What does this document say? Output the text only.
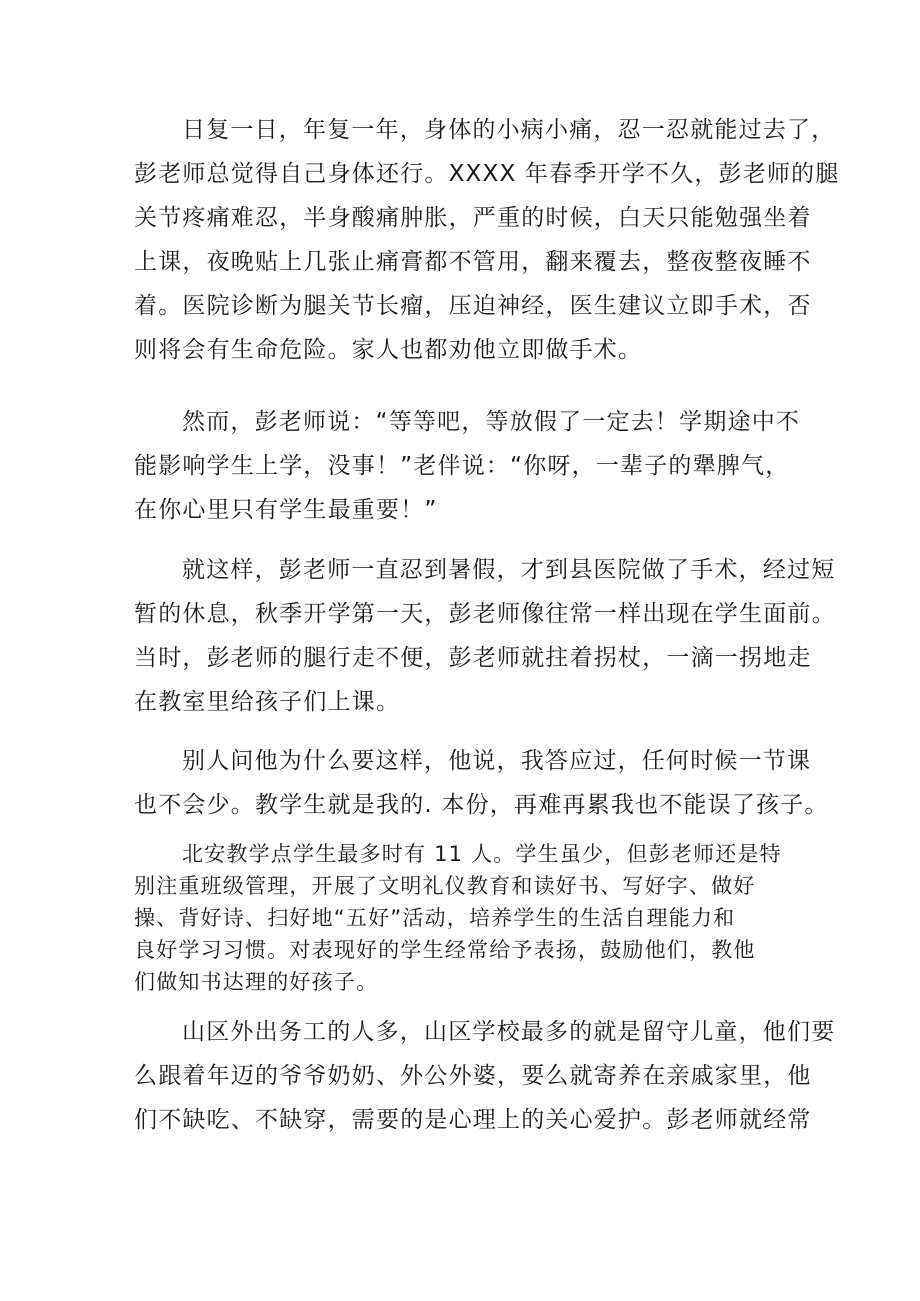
日复一日，年复一年，身体的小病小痛，忍一忍就能过去了，
彭老师总觉得自己身体还行。XXXX 年春季开学不久，彭老师的腿
关节疼痛难忍，半身酸痛肿胀，严重的时候，白天只能勉强坐着
上课，夜晚贴上几张止痛膏都不管用，翻来覆去，整夜整夜睡不
着。医院诊断为腿关节长瘤，压迫神经，医生建议立即手术，否
则将会有生命危险。家人也都劝他立即做手术。
然而，彭老师说：“等等吧，等放假了一定去！学期途中不
能影响学生上学，没事！”老伴说：“你呀，一辈子的犟脾气，
在你心里只有学生最重要！”
就这样，彭老师一直忍到暑假，才到县医院做了手术，经过短
暂的休息，秋季开学第一天，彭老师像往常一样出现在学生面前。
当时，彭老师的腿行走不便，彭老师就拄着拐杖，一滴一拐地走
在教室里给孩子们上课。
别人问他为什么要这样，他说，我答应过，任何时候一节课
也不会少。教学生就是我的. 本份，再难再累我也不能误了孩子。
北安教学点学生最多时有 11 人。学生虽少，但彭老师还是特
别注重班级管理，开展了文明礼仪教育和读好书、写好字、做好
操、背好诗、扫好地“五好”活动，培养学生的生活自理能力和
良好学习习惯。对表现好的学生经常给予表扬，鼓励他们，教他
们做知书达理的好孩子。
山区外出务工的人多，山区学校最多的就是留守儿童，他们要
么跟着年迈的爷爷奶奶、外公外婆，要么就寄养在亲戚家里，他
们不缺吃、不缺穿，需要的是心理上的关心爱护。彭老师就经常
